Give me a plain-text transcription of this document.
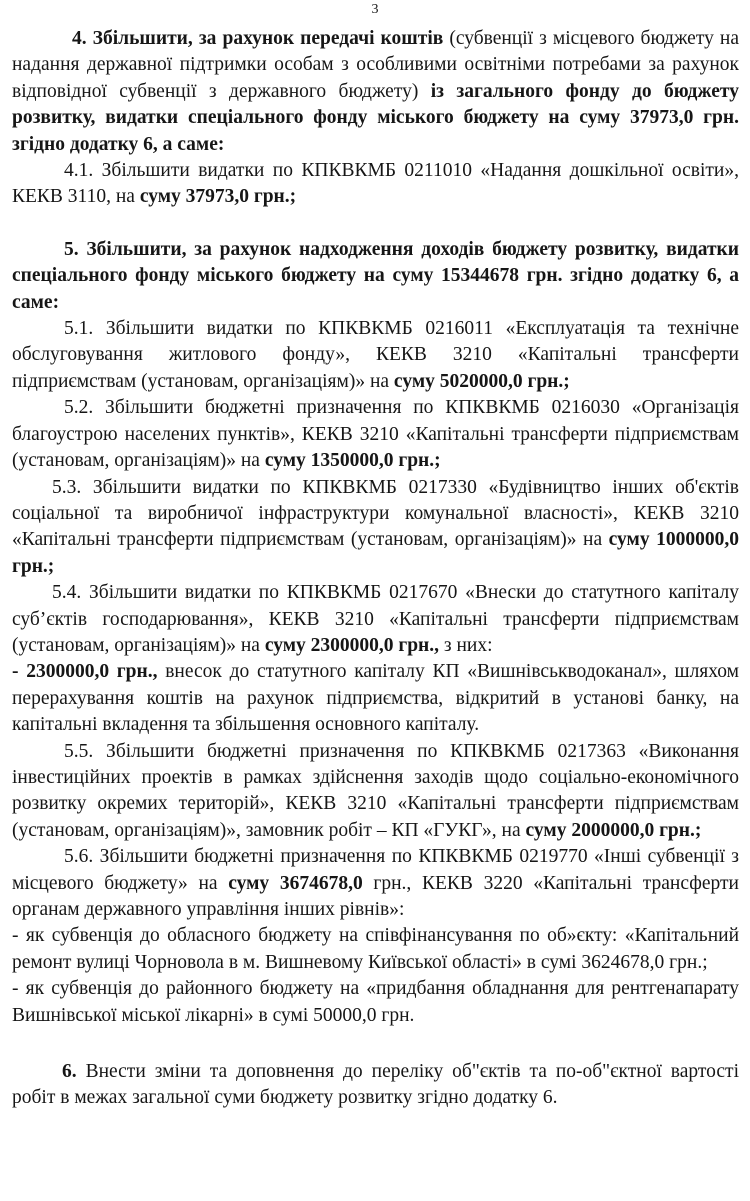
3

4. Збільшити, за рахунок передачі коштів (субвенції з місцевого бюджету на надання державної підтримки особам з особливими освітніми потребами за рахунок відповідної субвенції з державного бюджету) із загального фонду до бюджету розвитку, видатки спеціального фонду міського бюджету на суму 37973,0 грн. згідно додатку 6, а саме:

4.1. Збільшити видатки по КПКВКМБ 0211010 «Надання дошкільної освіти», КЕКВ 3110, на суму 37973,0 грн.;

5. Збільшити, за рахунок надходження доходів бюджету розвитку, видатки спеціального фонду міського бюджету на суму 15344678 грн. згідно додатку 6, а саме:

5.1. Збільшити видатки по КПКВКМБ 0216011 «Експлуатація та технічне обслуговування житлового фонду», КЕКВ 3210 «Капітальні трансферти підприємствам (установам, організаціям)» на суму 5020000,0 грн.;

5.2. Збільшити бюджетні призначення по КПКВКМБ 0216030 «Організація благоустрою населених пунктів», КЕКВ 3210 «Капітальні трансферти підприємствам (установам, організаціям)» на суму 1350000,0 грн.;

5.3. Збільшити видатки по КПКВКМБ 0217330 «Будівництво інших об'єктів соціальної та виробничої інфраструктури комунальної власності», КЕКВ 3210 «Капітальні трансферти підприємствам (установам, організаціям)» на суму 1000000,0 грн.;

5.4. Збільшити видатки по КПКВКМБ 0217670 «Внески до статутного капіталу суб’єктів господарювання», КЕКВ 3210 «Капітальні трансферти підприємствам (установам, організаціям)» на суму 2300000,0 грн., з них:

- 2300000,0 грн., внесок до статутного капіталу КП «Вишнівськводоканал», шляхом перерахування коштів на рахунок підприємства, відкритий в установі банку, на капітальні вкладення та збільшення основного капіталу.

5.5. Збільшити бюджетні призначення по КПКВКМБ 0217363 «Виконання інвестиційних проектів в рамках здійснення заходів щодо соціально-економічного розвитку окремих територій», КЕКВ 3210 «Капітальні трансферти підприємствам (установам, організаціям)», замовник робіт – КП «ГУКГ», на суму 2000000,0 грн.;

5.6. Збільшити бюджетні призначення по КПКВКМБ 0219770 «Інші субвенції з місцевого бюджету» на суму 3674678,0 грн., КЕКВ 3220 «Капітальні трансферти органам державного управління інших рівнів»:

- як субвенція до обласного бюджету на співфінансування по об»єкту: «Капітальний ремонт вулиці Чорновола в м. Вишневому Київської області» в сумі 3624678,0 грн.;

- як субвенція до районного бюджету на «придбання обладнання для рентгенапарату Вишнівської міської лікарні» в сумі 50000,0 грн.

6. Внести зміни та доповнення до переліку об"єктів та по-об"єктної вартості робіт в межах загальної суми бюджету розвитку згідно додатку 6.
